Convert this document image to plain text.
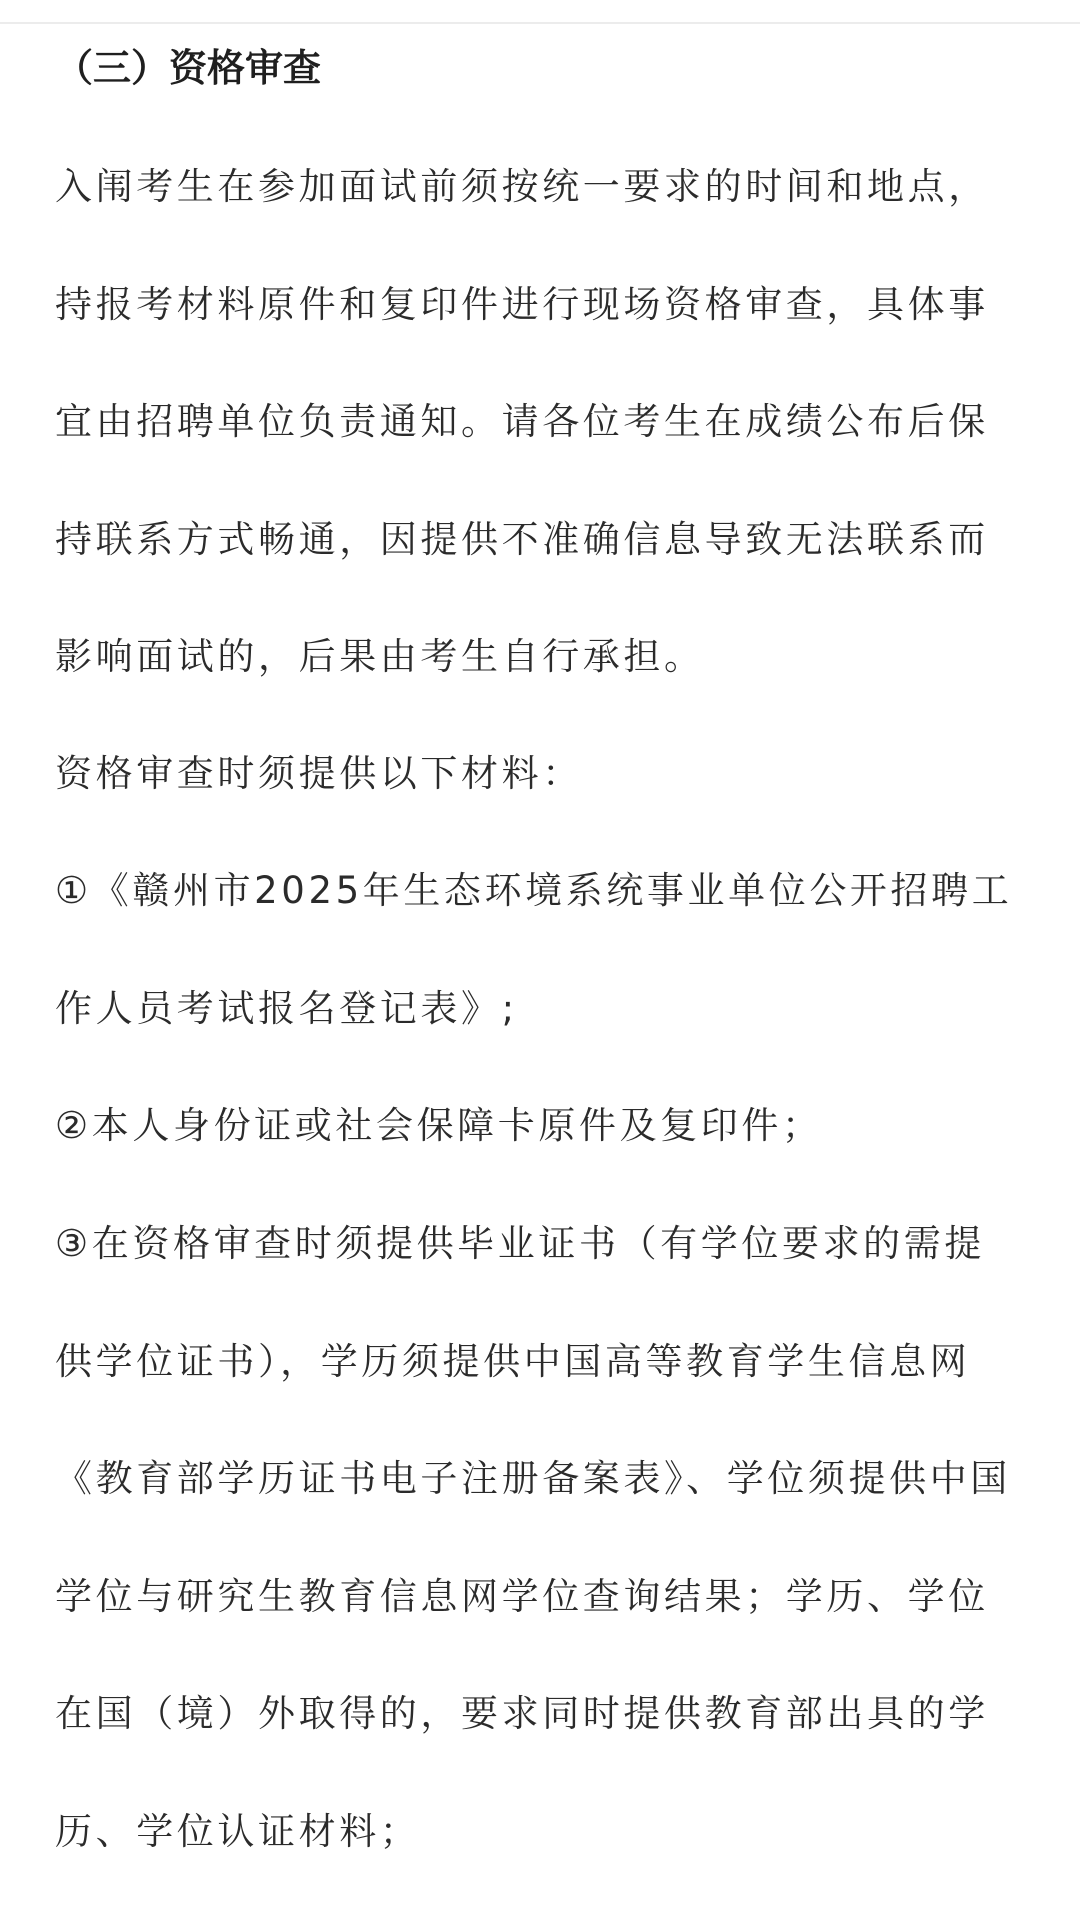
（三）资格审查

入闱考生在参加面试前须按统一要求的时间和地点，持报考材料原件和复印件进行现场资格审查，具体事宜由招聘单位负责通知。请各位考生在成绩公布后保持联系方式畅通，因提供不准确信息导致无法联系而影响面试的，后果由考生自行承担。

资格审查时须提供以下材料：

①《赣州市2025年生态环境系统事业单位公开招聘工作人员考试报名登记表》;

②本人身份证或社会保障卡原件及复印件；

③在资格审查时须提供毕业证书（有学位要求的需提供学位证书），学历须提供中国高等教育学生信息网《教育部学历证书电子注册备案表》、学位须提供中国学位与研究生教育信息网学位查询结果；学历、学位在国（境）外取得的，要求同时提供教育部出具的学历、学位认证材料；
